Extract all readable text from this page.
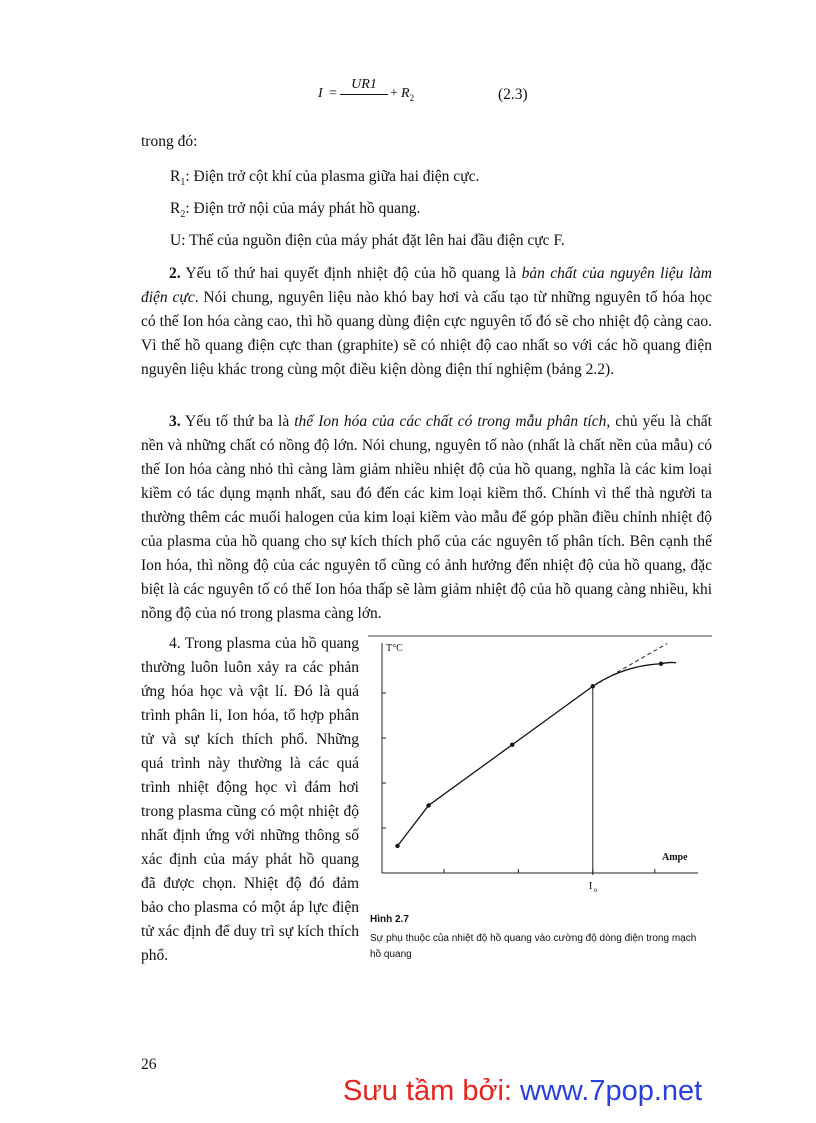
I =
UR1
+ $R_2$	(2.3)
trong đó:
$R_1$: Điện trở cột khí của plasma giữa hai điện cực.
$R_2$: Điện trở nội của máy phát hồ quang.
U: Thế của nguồn điện của máy phát đặt lên hai đầu điện cực F.
2. Yếu tố thứ hai quyết định nhiệt độ của hồ quang là bản chất của nguyên liệu làm điện cực. Nói chung, nguyên liệu nào khó bay hơi và cấu tạo từ những nguyên tố hóa học có thế Ion hóa càng cao, thì hồ quang dùng điện cực nguyên tố đó sẽ cho nhiệt độ càng cao. Vì thế hồ quang điện cực than (graphite) sẽ có nhiệt độ cao nhất so với các hồ quang điện nguyên liệu khác trong cùng một điều kiện dòng điện thí nghiệm (bảng 2.2).
3. Yếu tố thứ ba là thế Ion hóa của các chất có trong mẫu phân tích, chủ yếu là chất nền và những chất có nồng độ lớn. Nói chung, nguyên tố nào (nhất là chất nền của mẫu) có thế Ion hóa càng nhỏ thì càng làm giảm nhiều nhiệt độ của hồ quang, nghĩa là các kim loại kiềm có tác dụng mạnh nhất, sau đó đến các kim loại kiềm thổ. Chính vì thế thà người ta thường thêm các muối halogen của kim loại kiềm vào mẫu để góp phần điều chỉnh nhiệt độ của plasma của hồ quang cho sự kích thích phổ của các nguyên tố phân tích. Bên cạnh thế Ion hóa, thì nồng độ của các nguyên tố cũng có ảnh hưởng đến nhiệt độ của hồ quang, đặc biệt là các nguyên tố có thế Ion hóa thấp sẽ làm giảm nhiệt độ của hồ quang càng nhiều, khi nồng độ của nó trong plasma càng lớn.
4. Trong plasma của hồ quang thường luôn luôn xảy ra các phản ứng hóa học và vật lí. Đó là quá trình phân li, Ion hóa, tổ hợp phân tử và sự kích thích phổ. Những quá trình này thường là các quá trình nhiệt động học vì đám hơi trong plasma cũng có một nhiệt độ nhất định ứng với những thông số xác định của máy phát hồ quang đã được chọn. Nhiệt độ đó đảm bảo cho plasma có một áp lực điện tử xác định để duy trì sự kích thích phổ.
T°C
Ampe
I o
Hình 2.7
Sự phụ thuộc của nhiệt độ hồ quang vào cường độ dòng điện trong mạch hồ quang
26
Sưu tầm bởi: www.7pop.net
